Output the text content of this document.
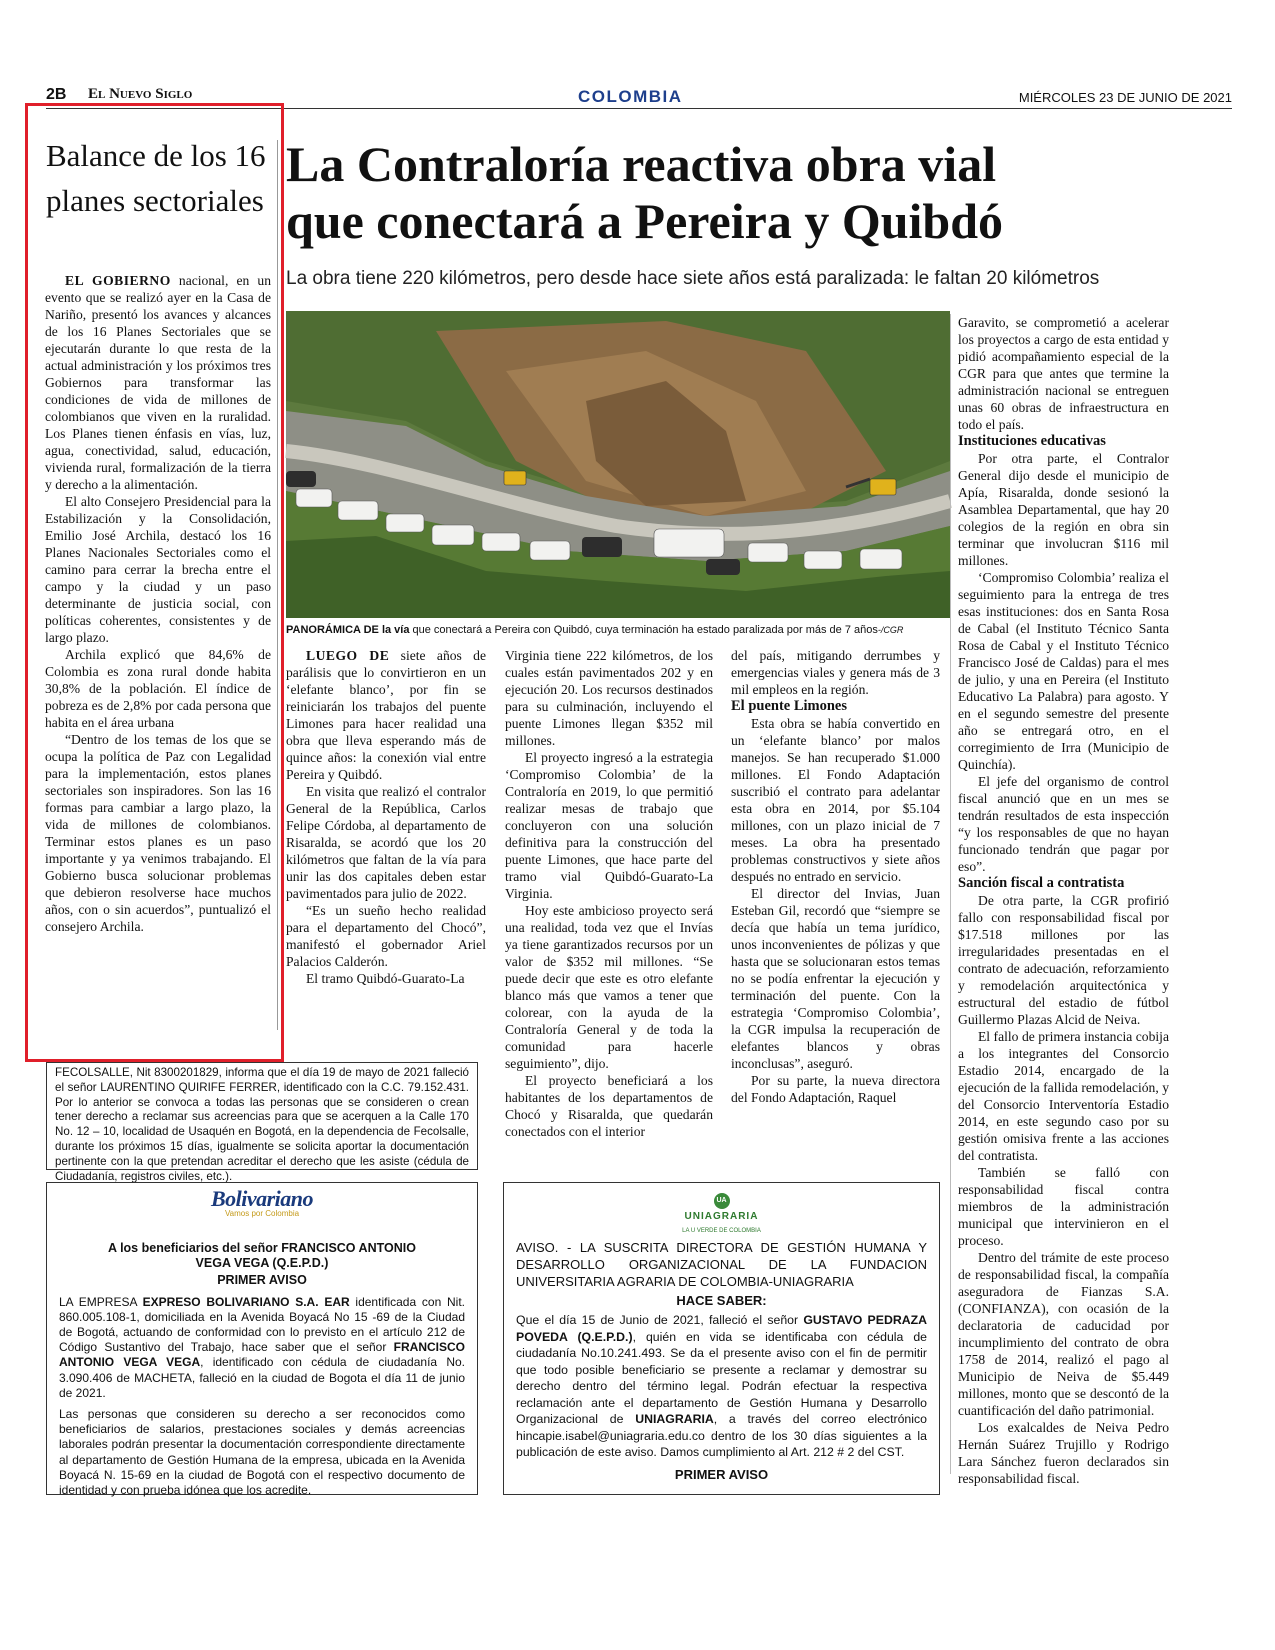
2B El Nuevo Siglo	COLOMBIA	MIÉRCOLES 23 DE JUNIO DE 2021
Balance de los 16 planes sectoriales

EL GOBIERNO nacional, en un evento que se realizó ayer en la Casa de Nariño, presentó los avances y alcances de los 16 Planes Sectoriales que se ejecutarán durante lo que resta de la actual administración y los próximos tres Gobiernos para transformar las condiciones de vida de millones de colombianos que viven en la ruralidad. Los Planes tienen énfasis en vías, luz, agua, conectividad, salud, educación, vivienda rural, formalización de la tierra y derecho a la alimentación.

El alto Consejero Presidencial para la Estabilización y la Consolidación, Emilio José Archila, destacó los 16 Planes Nacionales Sectoriales como el camino para cerrar la brecha entre el campo y la ciudad y un paso determinante de justicia social, con políticas coherentes, consistentes y de largo plazo.

Archila explicó que 84,6% de Colombia es zona rural donde habita 30,8% de la población. El índice de pobreza es de 2,8% por cada persona que habita en el área urbana

“Dentro de los temas de los que se ocupa la política de Paz con Legalidad para la implementación, estos planes sectoriales son inspiradores. Son las 16 formas para cambiar a largo plazo, la vida de millones de colombianos. Terminar estos planes es un paso importante y ya venimos trabajando. El Gobierno busca solucionar problemas que debieron resolverse hace muchos años, con o sin acuerdos”, puntualizó el consejero Archila.

La Contraloría reactiva obra vial
que conectará a Pereira y Quibdó
La obra tiene 220 kilómetros, pero desde hace siete años está paralizada: le faltan 20 kilómetros
PANORÁMICA DE la vía que conectará a Pereira con Quibdó, cuya terminación ha estado paralizada por más de 7 años-/CGR

LUEGO DE siete años de parálisis que lo convirtieron en un ‘elefante blanco’, por fin se reiniciarán los trabajos del puente Limones para hacer realidad una obra que lleva esperando más de quince años: la conexión vial entre Pereira y Quibdó.

En visita que realizó el contralor General de la República, Carlos Felipe Córdoba, al departamento de Risaralda, se acordó que los 20 kilómetros que faltan de la vía para unir las dos capitales deben estar pavimentados para julio de 2022.

“Es un sueño hecho realidad para el departamento del Chocó”, manifestó el gobernador Ariel Palacios Calderón.

El tramo Quibdó-Guarato-La

Virginia tiene 222 kilómetros, de los cuales están pavimentados 202 y en ejecución 20. Los recursos destinados para su culminación, incluyendo el puente Limones llegan $352 mil millones.

El proyecto ingresó a la estrategia ‘Compromiso Colombia’ de la Contraloría en 2019, lo que permitió realizar mesas de trabajo que concluyeron con una solución definitiva para la construcción del puente Limones, que hace parte del tramo vial Quibdó-Guarato-La Virginia.

Hoy este ambicioso proyecto será una realidad, toda vez que el Invías ya tiene garantizados recursos por un valor de $352 mil millones. “Se puede decir que este es otro elefante blanco más que vamos a tener que colorear, con la ayuda de la Contraloría General y de toda la comunidad para hacerle seguimiento”, dijo.

El proyecto beneficiará a los habitantes de los departamentos de Chocó y Risaralda, que quedarán conectados con el interior

del país, mitigando derrumbes y emergencias viales y genera más de 3 mil empleos en la región.

El puente Limones

Esta obra se había convertido en un ‘elefante blanco’ por malos manejos. Se han recuperado $1.000 millones. El Fondo Adaptación suscribió el contrato para adelantar esta obra en 2014, por $5.104 millones, con un plazo inicial de 7 meses. La obra ha presentado problemas constructivos y siete años después no entrado en servicio.

El director del Invias, Juan Esteban Gil, recordó que “siempre se decía que había un tema jurídico, unos inconvenientes de pólizas y que hasta que se solucionaran estos temas no se podía enfrentar la ejecución y terminación del puente. Con la estrategia ‘Compromiso Colombia’, la CGR impulsa la recuperación de elefantes blancos y obras inconclusas”, aseguró.

Por su parte, la nueva directora del Fondo Adaptación, Raquel

Garavito, se comprometió a acelerar los proyectos a cargo de esta entidad y pidió acompañamiento especial de la CGR para que antes que termine la administración nacional se entreguen unas 60 obras de infraestructura en todo el país.

Instituciones educativas

Por otra parte, el Contralor General dijo desde el municipio de Apía, Risaralda, donde sesionó la Asamblea Departamental, que hay 20 colegios de la región en obra sin terminar que involucran $116 mil millones.

‘Compromiso Colombia’ realiza el seguimiento para la entrega de tres esas instituciones: dos en Santa Rosa de Cabal (el Instituto Técnico Santa Rosa de Cabal y el Instituto Técnico Francisco José de Caldas) para el mes de julio, y una en Pereira (el Instituto Educativo La Palabra) para agosto. Y en el segundo semestre del presente año se entregará otro, en el corregimiento de Irra (Municipio de Quinchía).

El jefe del organismo de control fiscal anunció que en un mes se tendrán resultados de esta inspección “y los responsables de que no hayan funcionado tendrán que pagar por eso”.

Sanción fiscal a contratista

De otra parte, la CGR profirió fallo con responsabilidad fiscal por $17.518 millones por las irregularidades presentadas en el contrato de adecuación, reforzamiento y remodelación arquitectónica y estructural del estadio de fútbol Guillermo Plazas Alcid de Neiva.

El fallo de primera instancia cobija a los integrantes del Consorcio Estadio 2014, encargado de la ejecución de la fallida remodelación, y del Consorcio Interventoría Estadio 2014, en este segundo caso por su gestión omisiva frente a las acciones del contratista.

También se falló con responsabilidad fiscal contra miembros de la administración municipal que intervinieron en el proceso.

Dentro del trámite de este proceso de responsabilidad fiscal, la compañía aseguradora de Fianzas S.A. (CONFIANZA), con ocasión de la declaratoria de caducidad por incumplimiento del contrato de obra 1758 de 2014, realizó el pago al Municipio de Neiva de $5.449 millones, monto que se descontó de la cuantificación del daño patrimonial.

Los exalcaldes de Neiva Pedro Hernán Suárez Trujillo y Rodrigo Lara Sánchez fueron declarados sin responsabilidad fiscal.

FECOLSALLE, Nit 8300201829, informa que el día 19 de mayo de 2021 falleció el señor LAURENTINO QUIRIFE FERRER, identificado con la C.C. 79.152.431. Por lo anterior se convoca a todas las personas que se consideren o crean tener derecho a reclamar sus acreencias para que se acerquen a la Calle 170 No. 12 – 10, localidad de Usaquén en Bogotá, en la dependencia de Fecolsalle, durante los próximos 15 días, igualmente se solicita aportar la documentación pertinente con la que pretendan acreditar el derecho que les asiste (cédula de Ciudadanía, registros civiles, etc.).
Bolivariano
Vamos por Colombia
A los beneficiarios del señor FRANCISCO ANTONIO VEGA VEGA (Q.E.P.D.)
PRIMER AVISO

LA EMPRESA EXPRESO BOLIVARIANO S.A. EAR identificada con Nit. 860.005.108-1, domiciliada en la Avenida Boyacá No 15 -69 de la Ciudad de Bogotá, actuando de conformidad con lo previsto en el artículo 212 de Código Sustantivo del Trabajo, hace saber que el señor FRANCISCO ANTONIO VEGA VEGA, identificado con cédula de ciudadanía No. 3.090.406 de MACHETA, falleció en la ciudad de Bogota el día 11 de junio de 2021.

Las personas que consideren su derecho a ser reconocidos como beneficiarios de salarios, prestaciones sociales y demás acreencias laborales podrán presentar la documentación correspondiente directamente al departamento de Gestión Humana de la empresa, ubicada en la Avenida Boyacá N. 15-69 en la ciudad de Bogotá con el respectivo documento de identidad y con prueba idónea que los acredite.

UA
UNIAGRARIA
LA U VERDE DE COLOMBIA
AVISO. - LA SUSCRITA DIRECTORA DE GESTIÓN HUMANA Y DESARROLLO ORGANIZACIONAL DE LA FUNDACION UNIVERSITARIA AGRARIA DE COLOMBIA-UNIAGRARIA
HACE SABER:

Que el día 15 de Junio de 2021, falleció el señor GUSTAVO PEDRAZA POVEDA (Q.E.P.D.), quién en vida se identificaba con cédula de ciudadanía No.10.241.493. Se da el presente aviso con el fin de permitir que todo posible beneficiario se presente a reclamar y demostrar su derecho dentro del término legal. Podrán efectuar la respectiva reclamación ante el departamento de Gestión Humana y Desarrollo Organizacional de UNIAGRARIA, a través del correo electrónico hincapie.isabel@uniagraria.edu.co dentro de los 30 días siguientes a la publicación de este aviso. Damos cumplimiento al Art. 212 # 2 del CST.

PRIMER AVISO
